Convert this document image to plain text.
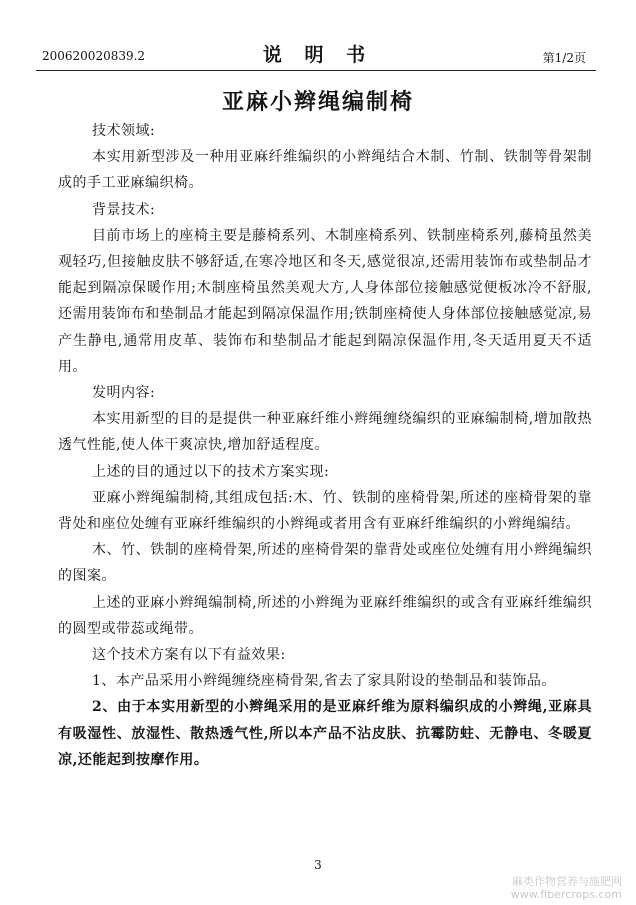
200620020839.2	说 明 书	第1/2页
亚麻小辫绳编制椅

技术领域:

本实用新型涉及一种用亚麻纤维编织的小辫绳结合木制、竹制、铁制等骨架制成的手工亚麻编织椅。

背景技术:

目前市场上的座椅主要是藤椅系列、木制座椅系列、铁制座椅系列,藤椅虽然美观轻巧,但接触皮肤不够舒适,在寒冷地区和冬天,感觉很凉,还需用装饰布或垫制品才能起到隔凉保暖作用;木制座椅虽然美观大方,人身体部位接触感觉便板冰冷不舒服,还需用装饰布和垫制品才能起到隔凉保温作用;铁制座椅使人身体部位接触感觉凉,易产生静电,通常用皮革、装饰布和垫制品才能起到隔凉保温作用,冬天适用夏天不适用。

发明内容:

本实用新型的目的是提供一种亚麻纤维小辫绳缠绕编织的亚麻编制椅,增加散热透气性能,使人体干爽凉快,增加舒适程度。

上述的目的通过以下的技术方案实现:

亚麻小辫绳编制椅,其组成包括:木、竹、铁制的座椅骨架,所述的座椅骨架的靠背处和座位处缠有亚麻纤维编织的小辫绳或者用含有亚麻纤维编织的小辫绳编结。

木、竹、铁制的座椅骨架,所述的座椅骨架的靠背处或座位处缠有用小辫绳编织的图案。

上述的亚麻小辫绳编制椅,所述的小辫绳为亚麻纤维编织的或含有亚麻纤维编织的圆型或带蕊或绳带。

这个技术方案有以下有益效果:

1、本产品采用小辫绳缠绕座椅骨架,省去了家具附设的垫制品和装饰品。

2、由于本实用新型的小辫绳采用的是亚麻纤维为原料编织成的小辫绳,亚麻具有吸湿性、放湿性、散热透气性,所以本产品不沾皮肤、抗霉防蛀、无静电、冬暖夏凉,还能起到按摩作用。

3
麻类作物营养与施肥网
www.fibercrops.com
